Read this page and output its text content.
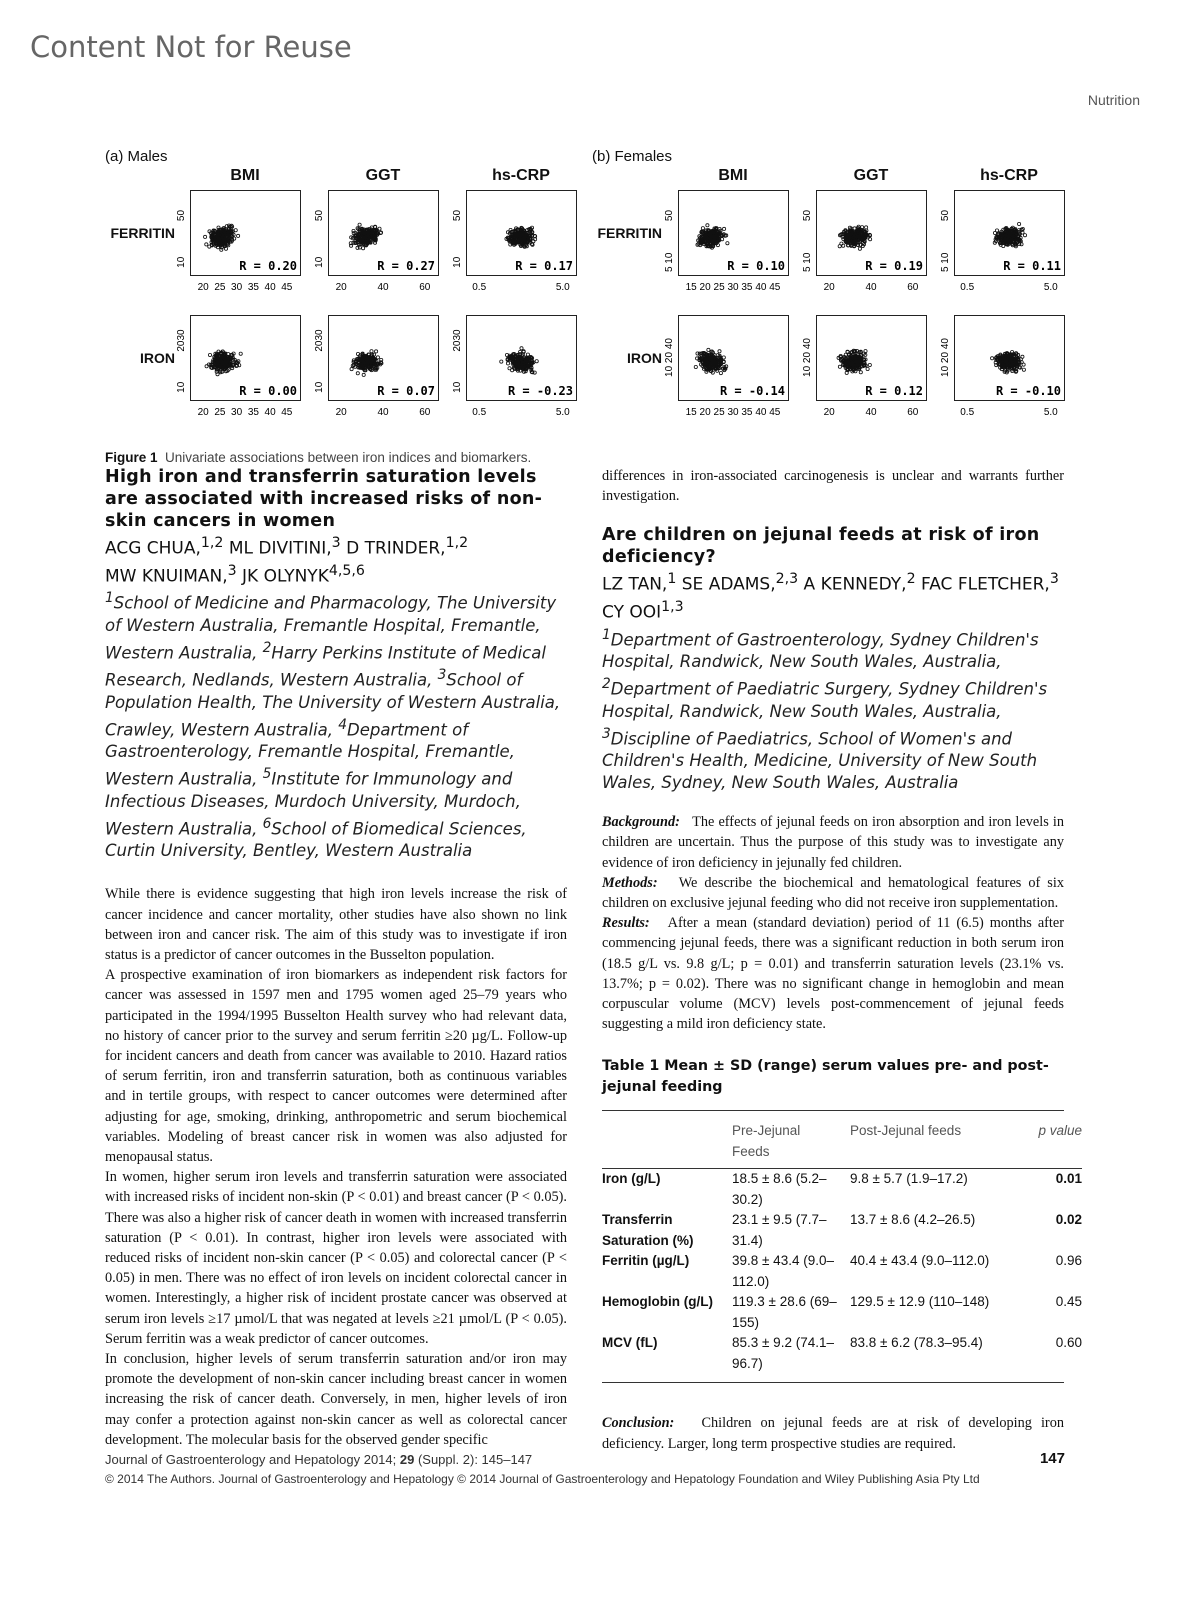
Content Not for Reuse
Nutrition
(a) Males	(b) Females
BMI	GGT	hs-CRP
FERRITIN
IRON
BMI	GGT	hs-CRP
FERRITIN
IRON
R = 0.20
20 25 30 35 40 45
10
50
R = 0.27
20	40	60
10
50
R = 0.17
0.5	5.0
10
50
R = 0.00
20 25 30 35 40 45
10
2030
R = 0.07
20	40	60
10
2030
R = -0.23
0.5	5.0
10
2030
R = 0.10
15 20 25 30 35 40 45
5 10
50
R = 0.19
20	40	60
5 10
50
R = 0.11
0.5	5.0
5 10
50
R = -0.14
15 20 25 30 35 40 45
10 20 40
R = 0.12
20	40	60
10 20 40
R = -0.10
0.5	5.0
10 20 40
Figure 1 Univariate associations between iron indices and biomarkers.
High iron and transferrin saturation levels are associated with increased risks of non-skin cancers in women
ACG CHUA,$^{1,2}$ ML DIVITINI,$^3$ D TRINDER,$^{1,2}$
MW KNUIMAN,$^3$ JK OLYNYK$^{4,5,6}$
$^1$School of Medicine and Pharmacology, The University of Western Australia, Fremantle Hospital, Fremantle, Western Australia, $^2$Harry Perkins Institute of Medical Research, Nedlands, Western Australia, $^3$School of Population Health, The University of Western Australia, Crawley, Western Australia, $^4$Department of Gastroenterology, Fremantle Hospital, Fremantle, Western Australia, $^5$Institute for Immunology and Infectious Diseases, Murdoch University, Murdoch, Western Australia, $^6$School of Biomedical Sciences, Curtin University, Bentley, Western Australia

While there is evidence suggesting that high iron levels increase the risk of cancer incidence and cancer mortality, other studies have also shown no link between iron and cancer risk. The aim of this study was to investigate if iron status is a predictor of cancer outcomes in the Busselton population.

A prospective examination of iron biomarkers as independent risk factors for cancer was assessed in 1597 men and 1795 women aged 25–79 years who participated in the 1994/1995 Busselton Health survey who had relevant data, no history of cancer prior to the survey and serum ferritin ≥20 µg/L. Follow-up for incident cancers and death from cancer was available to 2010. Hazard ratios of serum ferritin, iron and transferrin saturation, both as continuous variables and in tertile groups, with respect to cancer outcomes were determined after adjusting for age, smoking, drinking, anthropometric and serum biochemical variables. Modeling of breast cancer risk in women was also adjusted for menopausal status.

In women, higher serum iron levels and transferrin saturation were associated with increased risks of incident non-skin (P < 0.01) and breast cancer (P < 0.05). There was also a higher risk of cancer death in women with increased transferrin saturation (P < 0.01). In contrast, higher iron levels were associated with reduced risks of incident non-skin cancer (P < 0.05) and colorectal cancer (P < 0.05) in men. There was no effect of iron levels on incident colorectal cancer in women. Interestingly, a higher risk of incident prostate cancer was observed at serum iron levels ≥17 µmol/L that was negated at levels ≥21 µmol/L (P < 0.05). Serum ferritin was a weak predictor of cancer outcomes.

In conclusion, higher levels of serum transferrin saturation and/or iron may promote the development of non-skin cancer including breast cancer in women increasing the risk of cancer death. Conversely, in men, higher levels of iron may confer a protection against non-skin cancer as well as colorectal cancer development. The molecular basis for the observed gender specific

differences in iron-associated carcinogenesis is unclear and warrants further investigation.
Are children on jejunal feeds at risk of iron deficiency?
LZ TAN,$^1$ SE ADAMS,$^{2,3}$ A KENNEDY,$^2$ FAC FLETCHER,$^3$
CY OOI$^{1,3}$
$^1$Department of Gastroenterology, Sydney Children's Hospital, Randwick, New South Wales, Australia, $^2$Department of Paediatric Surgery, Sydney Children's Hospital, Randwick, New South Wales, Australia, $^3$Discipline of Paediatrics, School of Women's and Children's Health, Medicine, University of New South Wales, Sydney, New South Wales, Australia

Background: The effects of jejunal feeds on iron absorption and iron levels in children are uncertain. Thus the purpose of this study was to investigate any evidence of iron deficiency in jejunally fed children.

Methods: We describe the biochemical and hematological features of six children on exclusive jejunal feeding who did not receive iron supplementation.

Results: After a mean (standard deviation) period of 11 (6.5) months after commencing jejunal feeds, there was a significant reduction in both serum iron (18.5 g/L vs. 9.8 g/L; p = 0.01) and transferrin saturation levels (23.1% vs. 13.7%; p = 0.02). There was no significant change in hemoglobin and mean corpuscular volume (MCV) levels post-commencement of jejunal feeds suggesting a mild iron deficiency state.

Table 1 Mean ± SD (range) serum values pre- and post-jejunal feeding
	Pre-Jejunal Feeds	Post-Jejunal feeds	p value
Iron (g/L)	18.5 ± 8.6 (5.2–30.2)	9.8 ± 5.7 (1.9–17.2)	0.01
Transferrin Saturation (%)	23.1 ± 9.5 (7.7–31.4)	13.7 ± 8.6 (4.2–26.5)	0.02
Ferritin (µg/L)	39.8 ± 43.4 (9.0–112.0)	40.4 ± 43.4 (9.0–112.0)	0.96
Hemoglobin (g/L)	119.3 ± 28.6 (69–155)	129.5 ± 12.9 (110–148)	0.45
MCV (fL)	85.3 ± 9.2 (74.1–96.7)	83.8 ± 6.2 (78.3–95.4)	0.60
Conclusion: Children on jejunal feeds are at risk of developing iron deficiency. Larger, long term prospective studies are required.
Journal of Gastroenterology and Hepatology 2014; 29 (Suppl. 2): 145–147	147
© 2014 The Authors. Journal of Gastroenterology and Hepatology © 2014 Journal of Gastroenterology and Hepatology Foundation and Wiley Publishing Asia Pty Ltd
